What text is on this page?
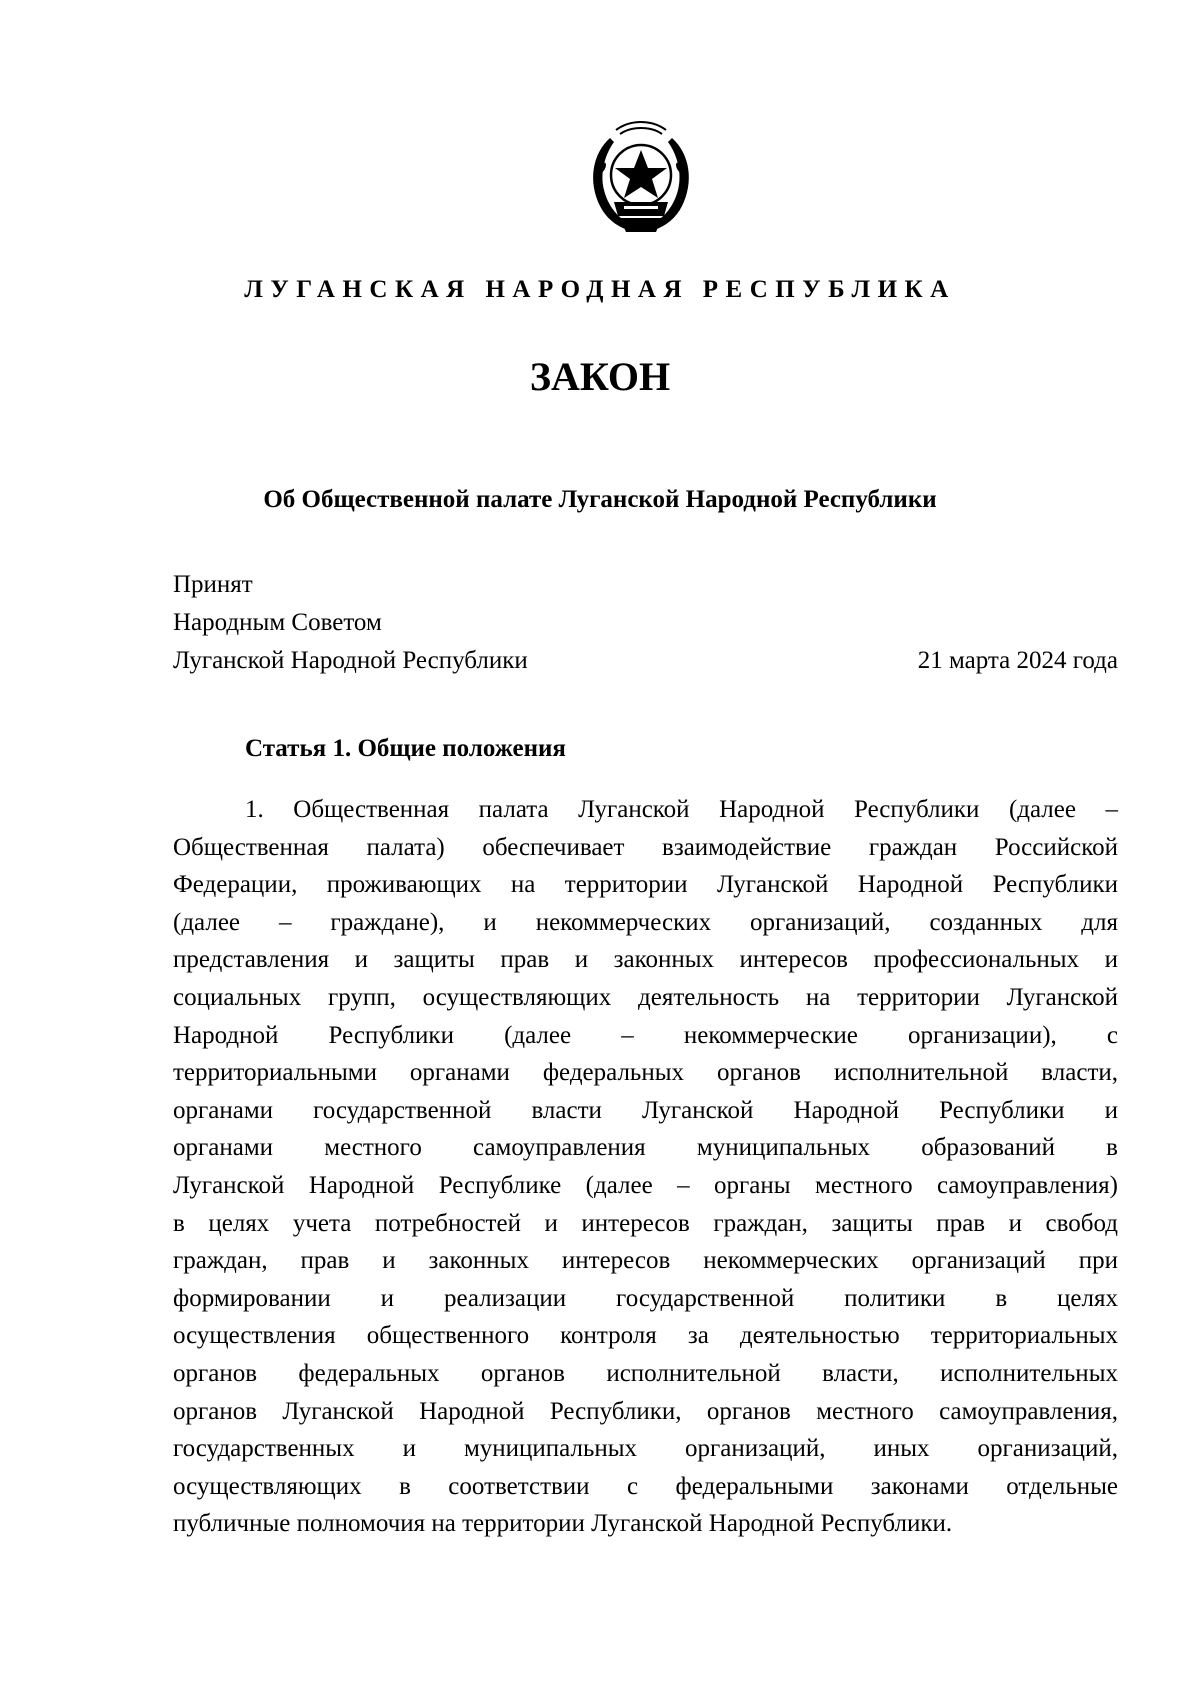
ЛУГАНСКАЯ НАРОДНАЯ РЕСПУБЛИКА
ЗАКОН
Об Общественной палате Луганской Народной Республики
Принят
Народным Советом
Луганской Народной Республики	21 марта 2024 года
Статья 1. Общие положения
1. Общественная палата Луганской Народной Республики (далее –
Общественная палата) обеспечивает взаимодействие граждан Российской
Федерации, проживающих на территории Луганской Народной Республики
(далее – граждане), и некоммерческих организаций, созданных для
представления и защиты прав и законных интересов профессиональных и
социальных групп, осуществляющих деятельность на территории Луганской
Народной Республики (далее – некоммерческие организации), с
территориальными органами федеральных органов исполнительной власти,
органами государственной власти Луганской Народной Республики и
органами местного самоуправления муниципальных образований в
Луганской Народной Республике (далее – органы местного самоуправления)
в целях учета потребностей и интересов граждан, защиты прав и свобод
граждан, прав и законных интересов некоммерческих организаций при
формировании и реализации государственной политики в целях
осуществления общественного контроля за деятельностью территориальных
органов федеральных органов исполнительной власти, исполнительных
органов Луганской Народной Республики, органов местного самоуправления,
государственных и муниципальных организаций, иных организаций,
осуществляющих в соответствии с федеральными законами отдельные
публичные полномочия на территории Луганской Народной Республики.
